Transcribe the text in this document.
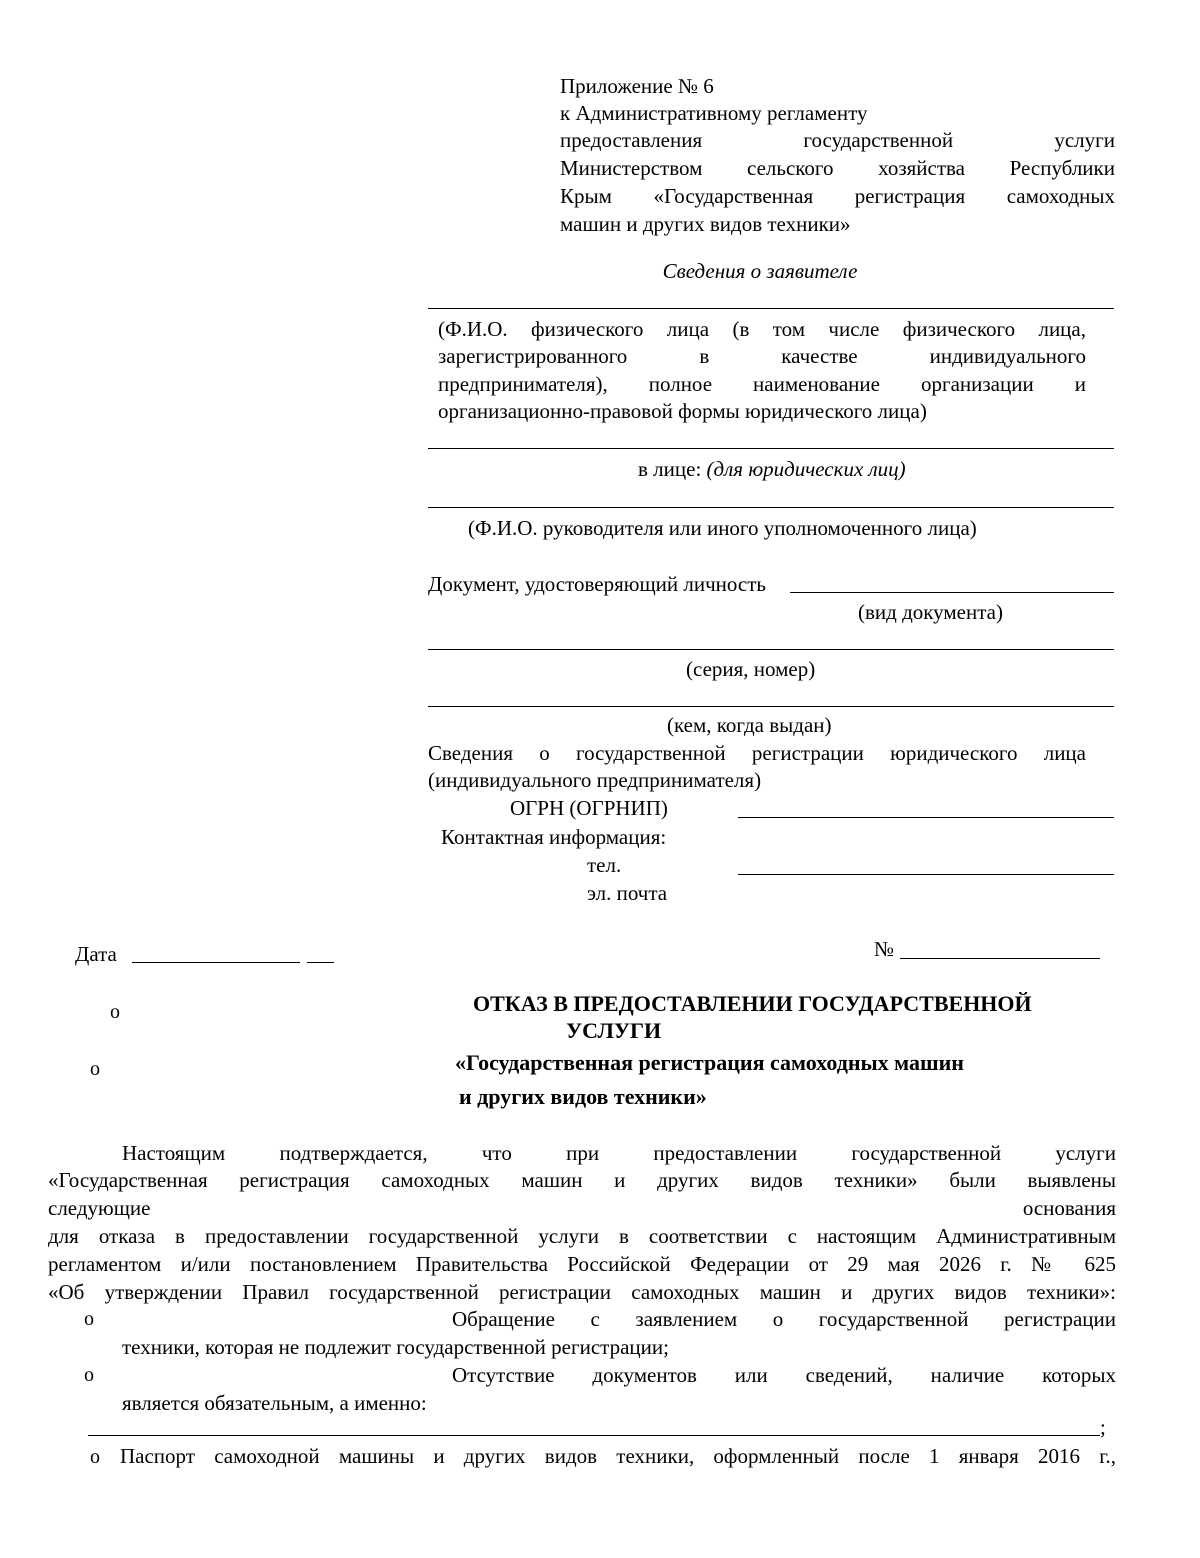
Приложение № 6
к Административному регламенту
предоставления	государственной	услуги
Министерством сельского хозяйства Республики
Крым «Государственная регистрация самоходных
машин и других видов техники»
Сведения о заявителе
(Ф.И.О. физического лица (в том числе физического лица,
зарегистрированного в качестве индивидуального
предпринимателя), полное наименование организации и
организационно-правовой формы юридического лица)
в лице: (для юридических лиц)
(Ф.И.О. руководителя или иного уполномоченного лица)
Документ, удостоверяющий личность
(вид документа)
(серия, номер)
(кем, когда выдан)
Сведения о государственной регистрации юридического лица
(индивидуального предпринимателя)
ОГРН (ОГРНИП)
Контактная информация:
тел.
эл. почта
Дата	№
o	ОТКАЗ В ПРЕДОСТАВЛЕНИИ ГОСУДАРСТВЕННОЙ
УСЛУГИ
o	«Государственная регистрация самоходных машин
и других видов техники»
Настоящим подтверждается, что при предоставлении государственной услуги
«Государственная регистрация самоходных машин и других видов техники» были выявлены
следующие основания
для отказа в предоставлении государственной услуги в соответствии с настоящим Административным
регламентом и/или постановлением Правительства Российской Федерации от 29 мая 2026 г. № 625
«Об утверждении Правил государственной регистрации самоходных машин и других видов техники»:
o	Обращение с заявлением о государственной регистрации
техники, которая не подлежит государственной регистрации;
o	Отсутствие документов или сведений, наличие которых
является обязательным, а именно:
;
o Паспорт самоходной машины и других видов техники, оформленный после 1 января 2016 г.,
